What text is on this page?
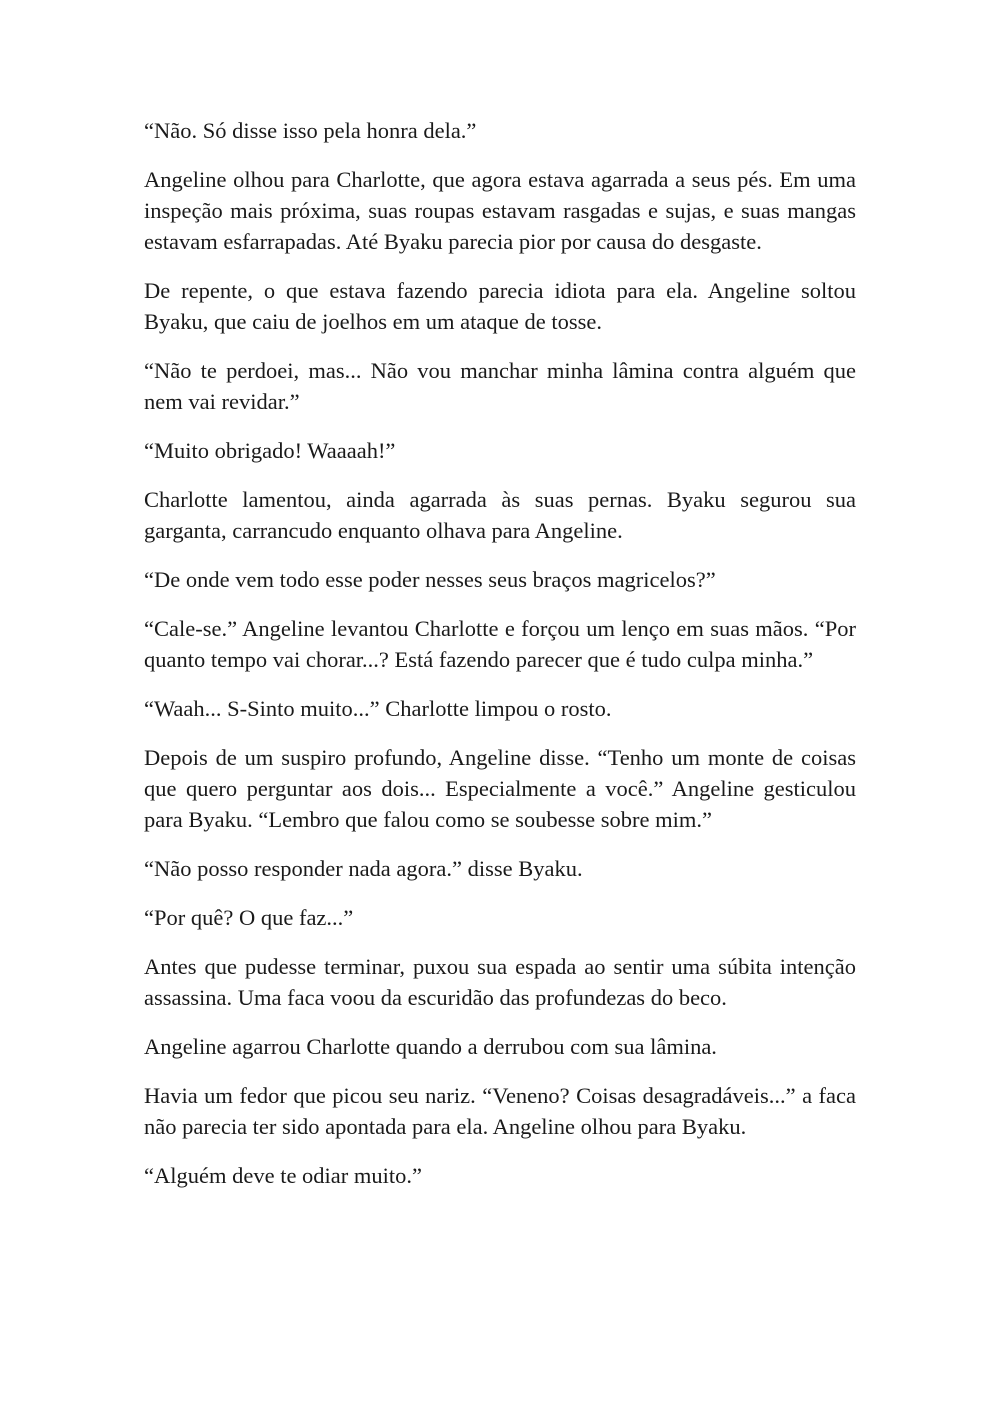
“Não. Só disse isso pela honra dela.”

Angeline olhou para Charlotte, que agora estava agarrada a seus pés. Em uma inspeção mais próxima, suas roupas estavam rasgadas e sujas, e suas mangas estavam esfarrapadas. Até Byaku parecia pior por causa do desgaste.

De repente, o que estava fazendo parecia idiota para ela. Angeline soltou Byaku, que caiu de joelhos em um ataque de tosse.

“Não te perdoei, mas... Não vou manchar minha lâmina contra alguém que nem vai revidar.”

“Muito obrigado! Waaaah!”

Charlotte lamentou, ainda agarrada às suas pernas. Byaku segurou sua garganta, carrancudo enquanto olhava para Angeline.

“De onde vem todo esse poder nesses seus braços magricelos?”

“Cale-se.” Angeline levantou Charlotte e forçou um lenço em suas mãos. “Por quanto tempo vai chorar...? Está fazendo parecer que é tudo culpa minha.”

“Waah... S-Sinto muito...” Charlotte limpou o rosto.

Depois de um suspiro profundo, Angeline disse. “Tenho um monte de coisas que quero perguntar aos dois... Especialmente a você.” Angeline gesticulou para Byaku. “Lembro que falou como se soubesse sobre mim.”

“Não posso responder nada agora.” disse Byaku.

“Por quê? O que faz...”

Antes que pudesse terminar, puxou sua espada ao sentir uma súbita intenção assassina. Uma faca voou da escuridão das profundezas do beco.

Angeline agarrou Charlotte quando a derrubou com sua lâmina.

Havia um fedor que picou seu nariz. “Veneno? Coisas desagradáveis...” a faca não parecia ter sido apontada para ela. Angeline olhou para Byaku.

“Alguém deve te odiar muito.”
